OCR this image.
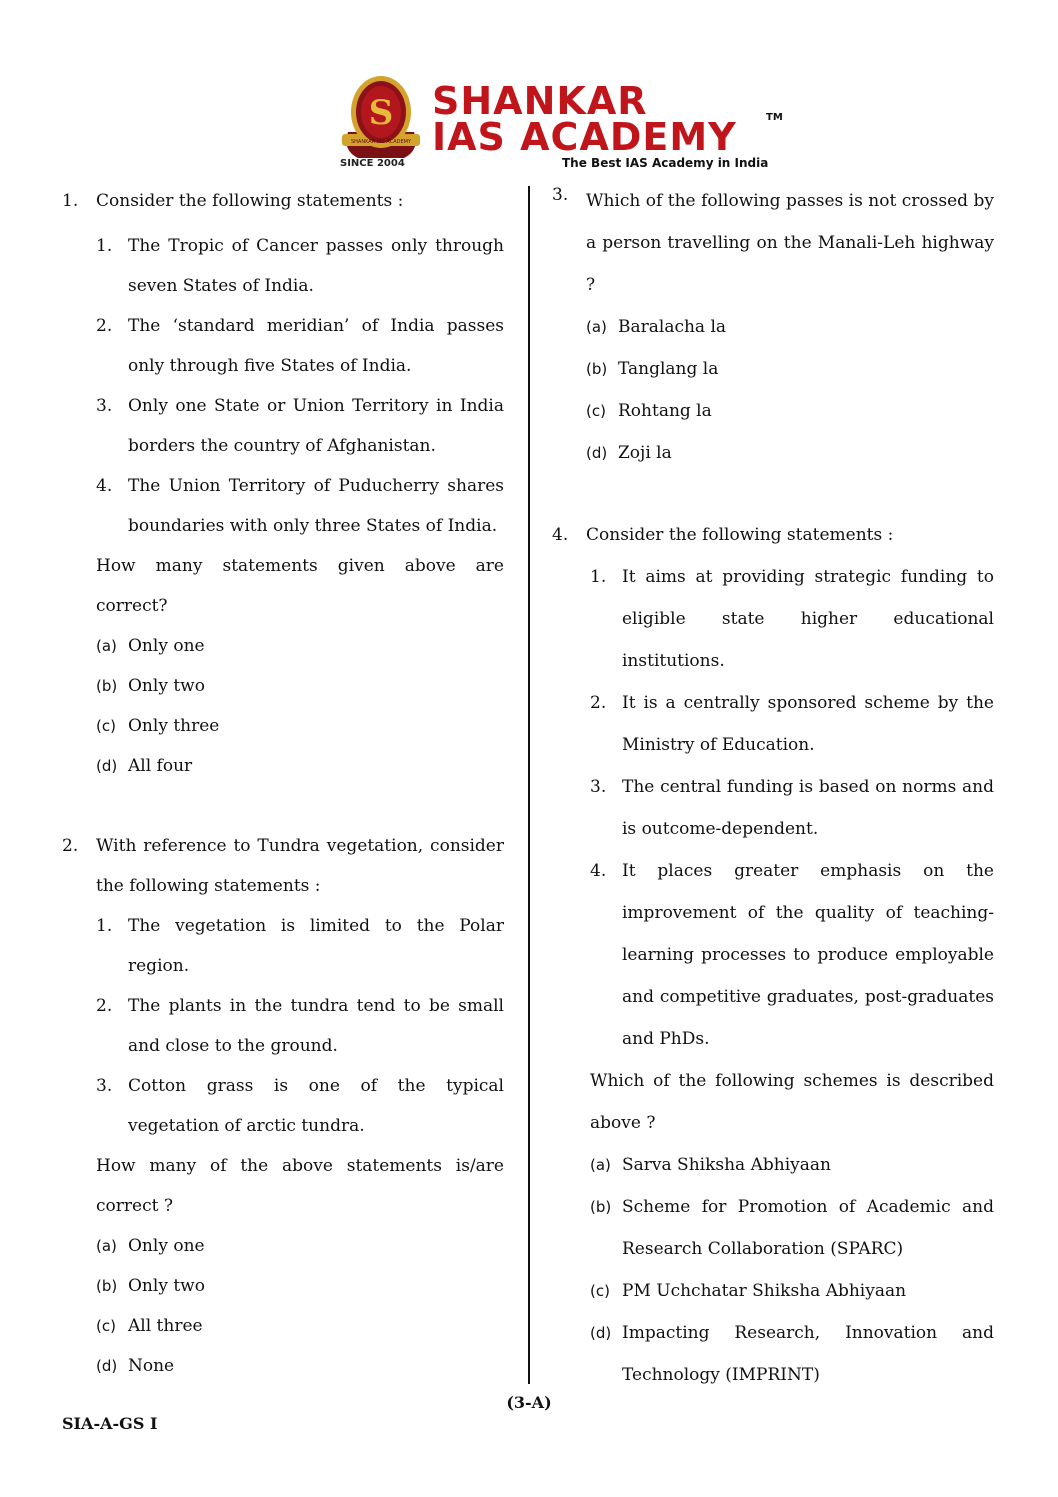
S
SHANKAR IAS ACADEMY
SINCE 2004
SHANKAR
IAS ACADEMY	TM
The Best IAS Academy in India
1. Consider the following statements :
1. The Tropic of Cancer passes only through seven States of India.
2. The ‘standard meridian’ of India passes only through five States of India.
3. Only one State or Union Territory in India borders the country of Afghanistan.
4. The Union Territory of Puducherry shares boundaries with only three States of India.
How many statements given above are correct?
(a) Only one
(b) Only two
(c) Only three
(d) All four
2. With reference to Tundra vegetation, consider the following statements :
1. The vegetation is limited to the Polar region.
2. The plants in the tundra tend to be small and close to the ground.
3. Cotton grass is one of the typical vegetation of arctic tundra.
How many of the above statements is/are correct ?
(a) Only one
(b) Only two
(c) All three
(d) None
3. Which of the following passes is not crossed by a person travelling on the Manali-Leh highway ?
(a) Baralacha la
(b) Tanglang la
(c) Rohtang la
(d) Zoji la
4. Consider the following statements :
1. It aims at providing strategic funding to eligible state higher educational institutions.
2. It is a centrally sponsored scheme by the Ministry of Education.
3. The central funding is based on norms and is outcome-dependent.
4. It places greater emphasis on the improvement of the quality of teaching-learning processes to produce employable and competitive graduates, post-graduates and PhDs.
Which of the following schemes is described above ?
(a) Sarva Shiksha Abhiyaan
(b) Scheme for Promotion of Academic and Research Collaboration (SPARC)
(c) PM Uchchatar Shiksha Abhiyaan
(d) Impacting Research, Innovation and Technology (IMPRINT)
(3-A)
SIA-A-GS I
